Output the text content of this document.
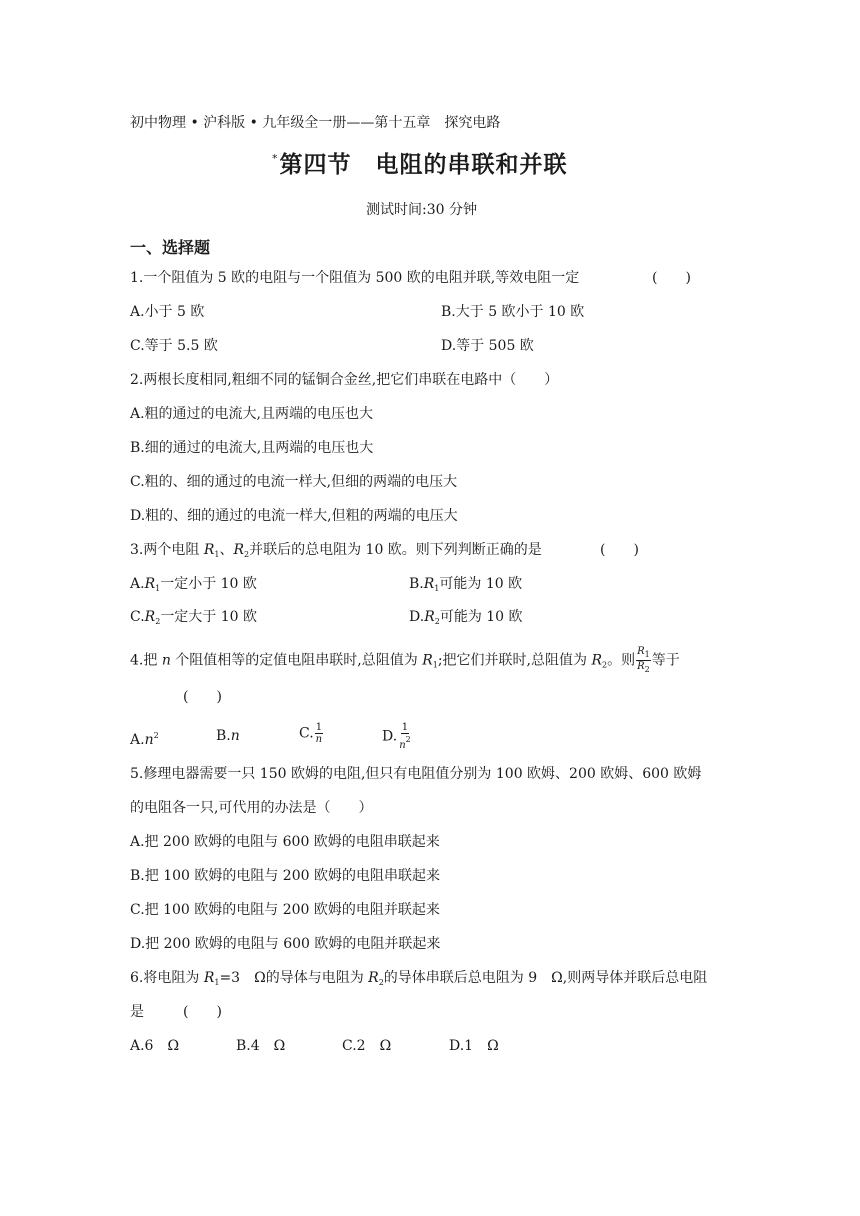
初中物理 • 沪科版 • 九年级全一册——第十五章　探究电路
*第四节　电阻的串联和并联
测试时间:30 分钟
一、选择题
1.一个阻值为 5 欧的电阻与一个阻值为 500 欧的电阻并联,等效电阻一定	(　　)
A.小于 5 欧	B.大于 5 欧小于 10 欧
C.等于 5.5 欧	D.等于 505 欧
2.两根长度相同,粗细不同的锰铜合金丝,把它们串联在电路中（　　）
A.粗的通过的电流大,且两端的电压也大
B.细的通过的电流大,且两端的电压也大
C.粗的、细的通过的电流一样大,但细的两端的电压大
D.粗的、细的通过的电流一样大,但粗的两端的电压大
3.两个电阻 $R_1$、$R_2$并联后的总电阻为 10 欧。则下列判断正确的是	(　　)
$A.R_1$一定小于 10 欧	$B.R_1$可能为 10 欧
$C.R_2$一定大于 10 欧	$D.R_2$可能为 10 欧
4.把 n 个阻值相等的定值电阻串联时,总阻值为 $R_1$;把它们并联时,总阻值为 $R_2$。则 $\frac{R_1}{R_2}$ 等于
(　　)
$A.n^2$	B.n	C. $\frac{1}{n}$	D. $\frac{1}{n^2}$
5.修理电器需要一只 150 欧姆的电阻,但只有电阻值分别为 100 欧姆、200 欧姆、600 欧姆
的电阻各一只,可代用的办法是（　　）
A.把 200 欧姆的电阻与 600 欧姆的电阻串联起来
B.把 100 欧姆的电阻与 200 欧姆的电阻串联起来
C.把 100 欧姆的电阻与 200 欧姆的电阻并联起来
D.把 200 欧姆的电阻与 600 欧姆的电阻并联起来
6.将电阻为 $R_1=3$　Ω的导体与电阻为 $R_2$的导体串联后总电阻为 9　Ω,则两导体并联后总电阻
是	(　　)
A.6　Ω	B.4　Ω	C.2　Ω	D.1　Ω
